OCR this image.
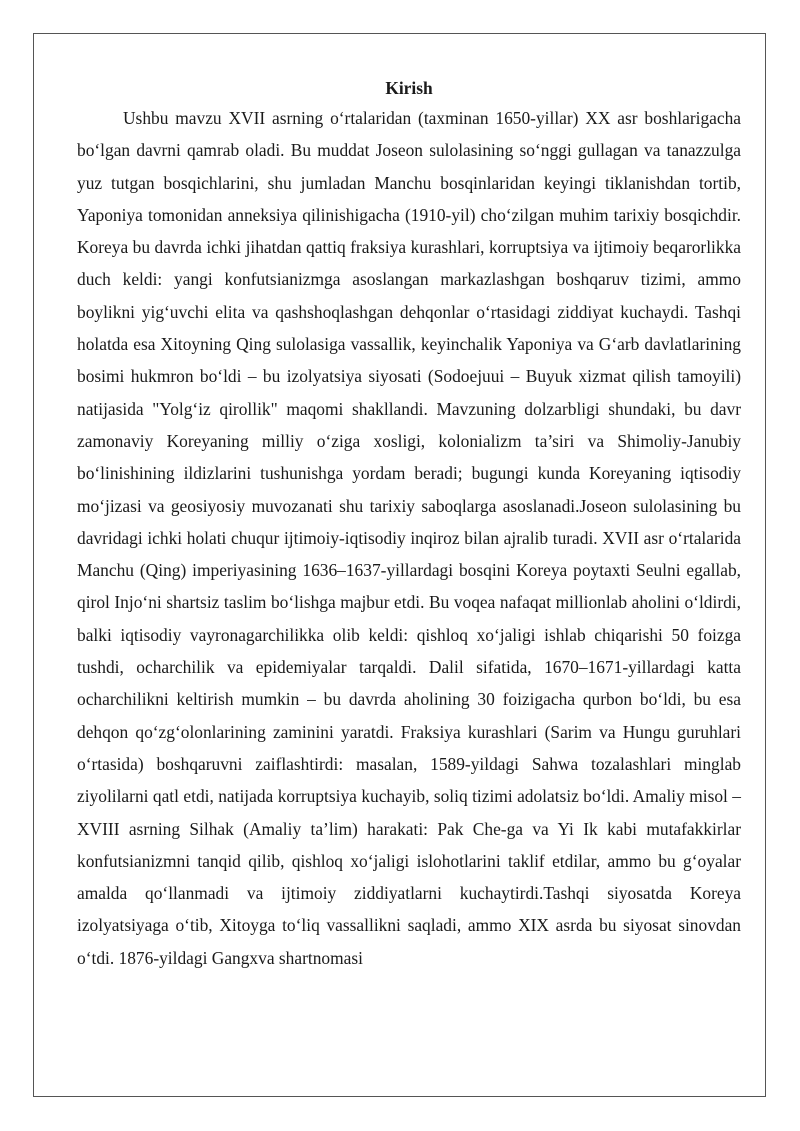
Kirish

Ushbu mavzu XVII asrning o‘rtalaridan (taxminan 1650-yillar) XX asr boshlarigacha bo‘lgan davrni qamrab oladi. Bu muddat Joseon sulolasining so‘nggi gullagan va tanazzulga yuz tutgan bosqichlarini, shu jumladan Manchu bosqinlaridan keyingi tiklanishdan tortib, Yaponiya tomonidan anneksiya qilinishigacha (1910-yil) cho‘zilgan muhim tarixiy bosqichdir. Koreya bu davrda ichki jihatdan qattiq fraksiya kurashlari, korruptsiya va ijtimoiy beqarorlikka duch keldi: yangi konfutsianizmga asoslangan markazlashgan boshqaruv tizimi, ammo boylikni yig‘uvchi elita va qashshoqlashgan dehqonlar o‘rtasidagi ziddiyat kuchaydi. Tashqi holatda esa Xitoyning Qing sulolasiga vassallik, keyinchalik Yaponiya va G‘arb davlatlarining bosimi hukmron bo‘ldi – bu izolyatsiya siyosati (Sodoejuui – Buyuk xizmat qilish tamoyili) natijasida "Yolg‘iz qirollik" maqomi shakllandi. Mavzuning dolzarbligi shundaki, bu davr zamonaviy Koreyaning milliy o‘ziga xosligi, kolonializm ta’siri va Shimoliy-Janubiy bo‘linishining ildizlarini tushunishga yordam beradi; bugungi kunda Koreyaning iqtisodiy mo‘jizasi va geosiyosiy muvozanati shu tarixiy saboqlarga asoslanadi.Joseon sulolasining bu davridagi ichki holati chuqur ijtimoiy-iqtisodiy inqiroz bilan ajralib turadi. XVII asr o‘rtalarida Manchu (Qing) imperiyasining 1636–1637-yillardagi bosqini Koreya poytaxti Seulni egallab, qirol Injo‘ni shartsiz taslim bo‘lishga majbur etdi. Bu voqea nafaqat millionlab aholini o‘ldirdi, balki iqtisodiy vayronagarchilikka olib keldi: qishloq xo‘jaligi ishlab chiqarishi 50 foizga tushdi, ocharchilik va epidemiyalar tarqaldi. Dalil sifatida, 1670–1671-yillardagi katta ocharchilikni keltirish mumkin – bu davrda aholining 30 foizigacha qurbon bo‘ldi, bu esa dehqon qo‘zg‘olonlarining zaminini yaratdi. Fraksiya kurashlari (Sarim va Hungu guruhlari o‘rtasida) boshqaruvni zaiflashtirdi: masalan, 1589-yildagi Sahwa tozalashlari minglab ziyolilarni qatl etdi, natijada korruptsiya kuchayib, soliq tizimi adolatsiz bo‘ldi. Amaliy misol – XVIII asrning Silhak (Amaliy ta’lim) harakati: Pak Che-ga va Yi Ik kabi mutafakkirlar konfutsianizmni tanqid qilib, qishloq xo‘jaligi islohotlarini taklif etdilar, ammo bu g‘oyalar amalda qo‘llanmadi va ijtimoiy ziddiyatlarni kuchaytirdi.Tashqi siyosatda Koreya izolyatsiyaga o‘tib, Xitoyga to‘liq vassallikni saqladi, ammo XIX asrda bu siyosat sinovdan o‘tdi. 1876-yildagi Gangxva shartnomasi
